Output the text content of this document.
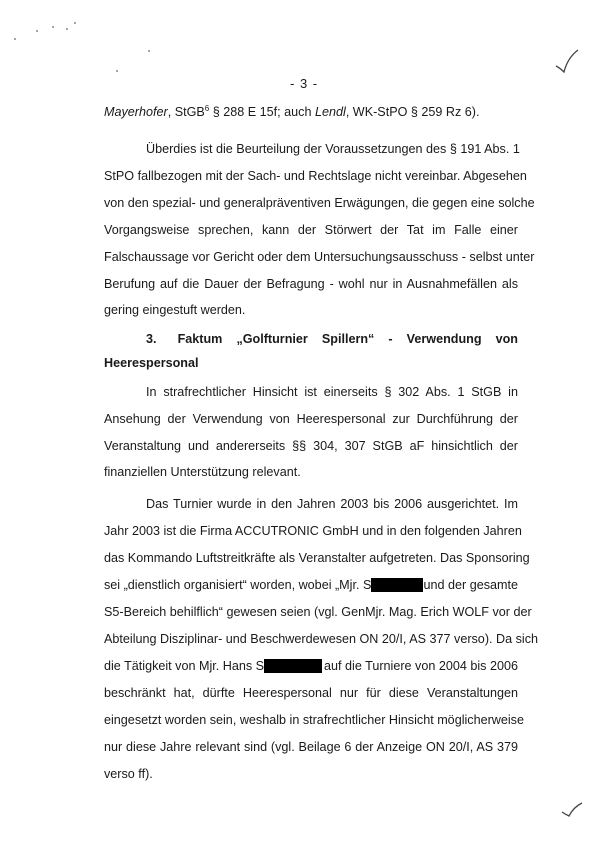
- 3 -
Mayerhofer, StGB$^6$ § 288 E 15f; auch Lendl, WK-StPO § 259 Rz 6).
Überdies ist die Beurteilung der Voraussetzungen des § 191 Abs. 1
StPO fallbezogen mit der Sach- und Rechtslage nicht vereinbar. Abgesehen
von den spezial- und generalpräventiven Erwägungen, die gegen eine solche
Vorgangsweise sprechen, kann der Störwert der Tat im Falle einer
Falschaussage vor Gericht oder dem Untersuchungsausschuss - selbst unter
Berufung auf die Dauer der Befragung - wohl nur in Ausnahmefällen als
gering eingestuft werden.
3.   Faktum  „Golfturnier  Spillern“  -  Verwendung  von
Heerespersonal
In strafrechtlicher Hinsicht ist einerseits § 302 Abs. 1 StGB in
Ansehung der Verwendung von Heerespersonal zur Durchführung der
Veranstaltung und andererseits §§ 304, 307 StGB aF hinsichtlich der
finanziellen Unterstützung relevant.
Das Turnier wurde in den Jahren 2003 bis 2006 ausgerichtet. Im
Jahr 2003 ist die Firma ACCUTRONIC GmbH und in den folgenden Jahren
das Kommando Luftstreitkräfte als Veranstalter aufgetreten. Das Sponsoring
sei „dienstlich organisiert“ worden, wobei „Mjr. S	und der gesamte
S5-Bereich behilflich“ gewesen seien (vgl. GenMjr. Mag. Erich WOLF vor der
Abteilung Disziplinar- und Beschwerdewesen ON 20/I, AS 377 verso). Da sich
die Tätigkeit von Mjr. Hans S	auf die Turniere von 2004 bis 2006
beschränkt hat, dürfte Heerespersonal nur für diese Veranstaltungen
eingesetzt worden sein, weshalb in strafrechtlicher Hinsicht möglicherweise
nur diese Jahre relevant sind (vgl. Beilage 6 der Anzeige ON 20/I, AS 379
verso ff).
